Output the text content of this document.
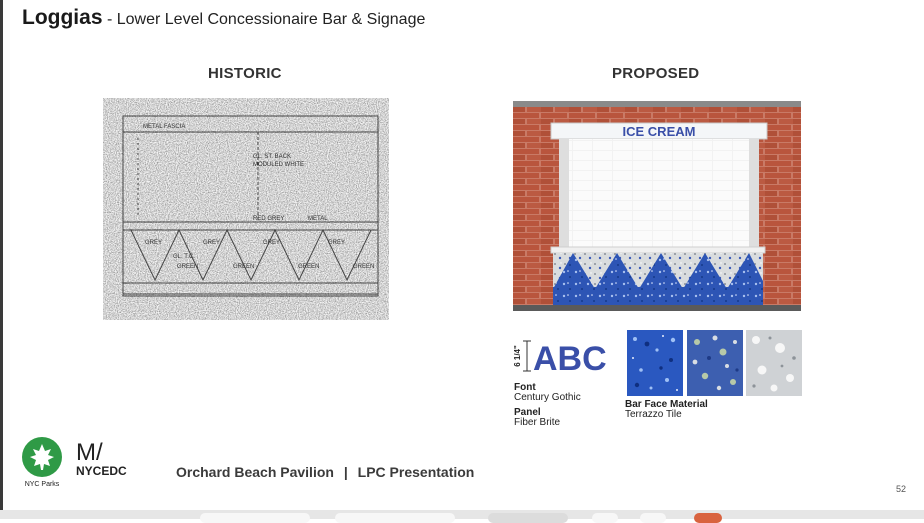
Loggias - Lower Level Concessionaire Bar & Signage
HISTORIC	PROPOSED
METAL FASCIA
GL. ST. BACK
MODULED WHITE
RED GREY	METAL
GREY	GREY	GREY	GREY
GL. T.C.
GREEN	GREEN	GREEN	GREEN
ICE CREAM
6 1/4" ABC
Font
Century Gothic
Panel
Fiber Brite
Bar Face Material
Terrazzo Tile
NYC Parks
M/
NYCEDC	Orchard Beach Pavilion | LPC Presentation
52
